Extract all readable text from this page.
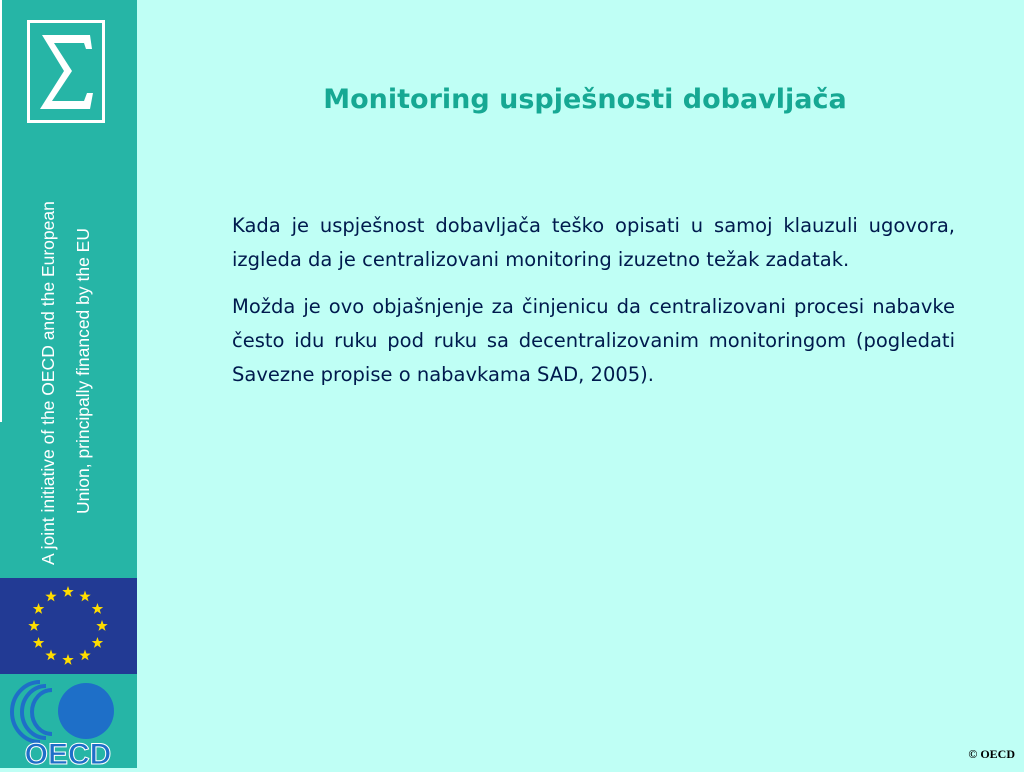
A joint initiative of the OECD and the European Union, principally financed by the EU
OECD
Monitoring uspješnosti dobavljača

Kada je uspješnost dobavljača teško opisati u samoj klauzuli ugovora, izgleda da je centralizovani monitoring izuzetno težak zadatak.

Možda je ovo objašnjenje za činjenicu da centralizovani procesi nabavke često idu ruku pod ruku sa decentralizovanim monitoringom (pogledati Savezne propise o nabavkama SAD, 2005).

© OECD
